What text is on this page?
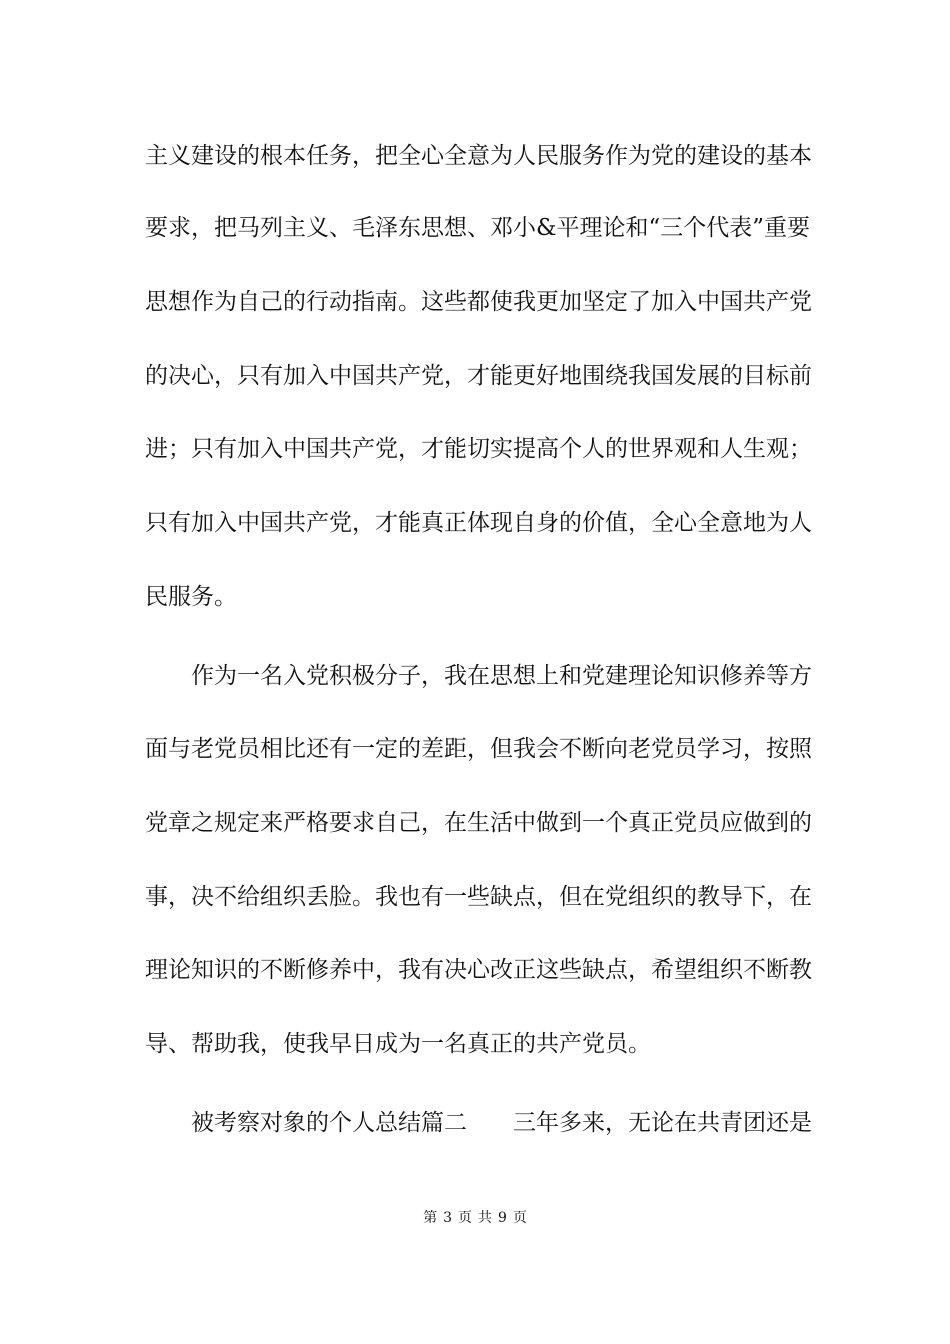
主义建设的根本任务，把全心全意为人民服务作为党的建设的基本
要求，把马列主义、毛泽东思想、邓小&平理论和“三个代表”重要
思想作为自己的行动指南。这些都使我更加坚定了加入中国共产党
的决心，只有加入中国共产党，才能更好地围绕我国发展的目标前
进；只有加入中国共产党，才能切实提高个人的世界观和人生观；
只有加入中国共产党，才能真正体现自身的价值，全心全意地为人
民服务。
作为一名入党积极分子，我在思想上和党建理论知识修养等方
面与老党员相比还有一定的差距，但我会不断向老党员学习，按照
党章之规定来严格要求自己，在生活中做到一个真正党员应做到的
事，决不给组织丢脸。我也有一些缺点，但在党组织的教导下，在
理论知识的不断修养中，我有决心改正这些缺点，希望组织不断教
导、帮助我，使我早日成为一名真正的共产党员。
被考察对象的个人总结篇二　　三年多来，无论在共青团还是
第 3 页 共 9 页
